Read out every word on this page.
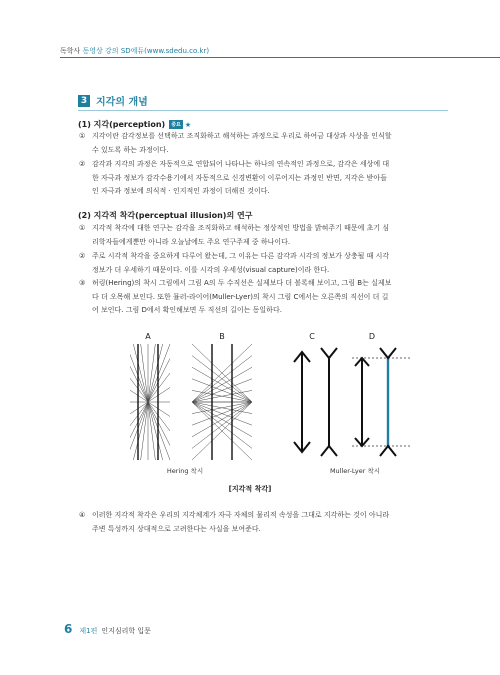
독학사 동영상 강의 SD에듀(www.sdedu.co.kr)
3 지각의 개념
(1) 지각(perception) 중요 ★
① 지각이란 감각정보를 선택하고 조직화하고 해석하는 과정으로 우리로 하여금 대상과 사상을 인식할
수 있도록 하는 과정이다.
② 감각과 지각의 과정은 자동적으로 연합되어 나타나는 하나의 연속적인 과정으로, 감각은 세상에 대
한 자극과 정보가 감각수용기에서 자동적으로 신경변환이 이루어지는 과정인 반면, 지각은 받아들
인 자극과 정보에 의식적 · 인지적인 과정이 더해진 것이다.
(2) 지각적 착각(perceptual illusion)의 연구
① 지각적 착각에 대한 연구는 감각을 조직화하고 해석하는 정상적인 방법을 밝혀주기 때문에 초기 심
리학자들에게뿐만 아니라 오늘날에도 주요 연구주제 중 하나이다.
② 주로 시각적 착각을 중요하게 다루어 왔는데, 그 이유는 다른 감각과 시각의 정보가 상충될 때 시각
정보가 더 우세하기 때문이다. 이를 시각의 우세성(visual capture)이라 한다.
③ 허링(Hering)의 착시 그림에서 그림 A의 두 수직선은 실제보다 더 볼록해 보이고, 그림 B는 실제보
다 더 오목해 보인다. 또한 뮬러-라이어(Muller-Lyer)의 착시 그림 C에서는 오른쪽의 직선이 더 길
어 보인다. 그림 D에서 확인해보면 두 직선의 길이는 동일하다.
A	B	C	D
Hering 착시	Muller-Lyer 착시
[지각적 착각]
④ 이러한 지각적 착각은 우리의 지각체계가 자극 자체의 물리적 속성을 그대로 지각하는 것이 아니라
주변 특성까지 상대적으로 고려한다는 사실을 보여준다.
6 제1편 인지심리학 입문
